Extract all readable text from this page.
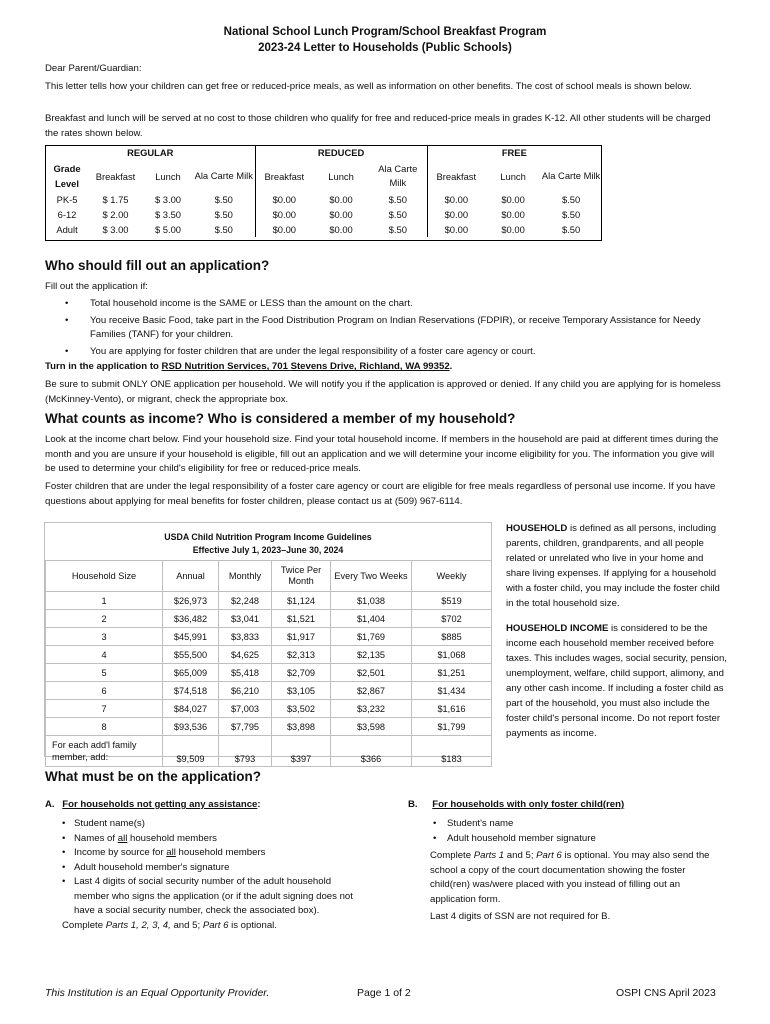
National School Lunch Program/School Breakfast Program
2023-24 Letter to Households (Public Schools)
Dear Parent/Guardian:
This letter tells how your children can get free or reduced-price meals, as well as information on other benefits. The cost of school meals is shown below.
Breakfast and lunch will be served at no cost to those children who qualify for free and reduced-price meals in grades K-12. All other students will be charged the rates shown below.
REGULAR				REDUCED			FREE		
Grade Level	Breakfast	Lunch	Ala Carte Milk	Breakfast	Lunch	Ala Carte Milk	Breakfast	Lunch	Ala Carte Milk
PK-5	$ 1.75	$ 3.00	$.50	$0.00	$0.00	$.50	$0.00	$0.00	$.50
6-12	$ 2.00	$ 3.50	$.50	$0.00	$0.00	$.50	$0.00	$0.00	$.50
Adult	$ 3.00	$ 5.00	$.50	$0.00	$0.00	$.50	$0.00	$0.00	$.50
Who should fill out an application?
Fill out the application if:
• Total household income is the SAME or LESS than the amount on the chart.
• You receive Basic Food, take part in the Food Distribution Program on Indian Reservations (FDPIR), or receive Temporary Assistance for Needy Families (TANF) for your children.
• You are applying for foster children that are under the legal responsibility of a foster care agency or court.
Turn in the application to RSD Nutrition Services, 701 Stevens Drive, Richland, WA 99352.
Be sure to submit ONLY ONE application per household. We will notify you if the application is approved or denied. If any child you are applying for is homeless (McKinney-Vento), or migrant, check the appropriate box.
What counts as income? Who is considered a member of my household?
Look at the income chart below. Find your household size. Find your total household income. If members in the household are paid at different times during the month and you are unsure if your household is eligible, fill out an application and we will determine your income eligibility for you. The information you give will be used to determine your child's eligibility for free or reduced-price meals.
Foster children that are under the legal responsibility of a foster care agency or court are eligible for free meals regardless of personal use income. If you have questions about applying for meal benefits for foster children, please contact us at (509) 967-6114.
USDA Child Nutrition Program Income Guidelines
Effective July 1, 2023–June 30, 2024
Household Size	Annual	Monthly	Twice Per Month	Every Two Weeks	Weekly
1	$26,973	$2,248	$1,124	$1,038	$519
2	$36,482	$3,041	$1,521	$1,404	$702
3	$45,991	$3,833	$1,917	$1,769	$885
4	$55,500	$4,625	$2,313	$2,135	$1,068
5	$65,009	$5,418	$2,709	$2,501	$1,251
6	$74,518	$6,210	$3,105	$2,867	$1,434
7	$84,027	$7,003	$3,502	$3,232	$1,616
8	$93,536	$7,795	$3,898	$3,598	$1,799
For each add'l family member, add:	$9,509	$793	$397	$366	$183
HOUSEHOLD is defined as all persons, including parents, children, grandparents, and all people related or unrelated who live in your home and share living expenses. If applying for a household with a foster child, you may include the foster child in the total household size.
HOUSEHOLD INCOME is considered to be the income each household member received before taxes. This includes wages, social security, pension, unemployment, welfare, child support, alimony, and any other cash income. If including a foster child as part of the household, you must also include the foster child's personal income. Do not report foster payments as income.
What must be on the application?
A. For households not getting any assistance:
• Student name(s)
• Names of all household members
• Income by source for all household members
• Adult household member's signature
• Last 4 digits of social security number of the adult household member who signs the application (or if the adult signing does not have a social security number, check the associated box).
Complete Parts 1, 2, 3, 4, and 5; Part 6 is optional.
B. For households with only foster child(ren)
• Student's name
• Adult household member signature
Complete Parts 1 and 5; Part 6 is optional. You may also send the school a copy of the court documentation showing the foster child(ren) was/were placed with you instead of filling out an application form.
Last 4 digits of SSN are not required for B.
This Institution is an Equal Opportunity Provider.	Page 1 of 2	OSPI CNS April 2023
